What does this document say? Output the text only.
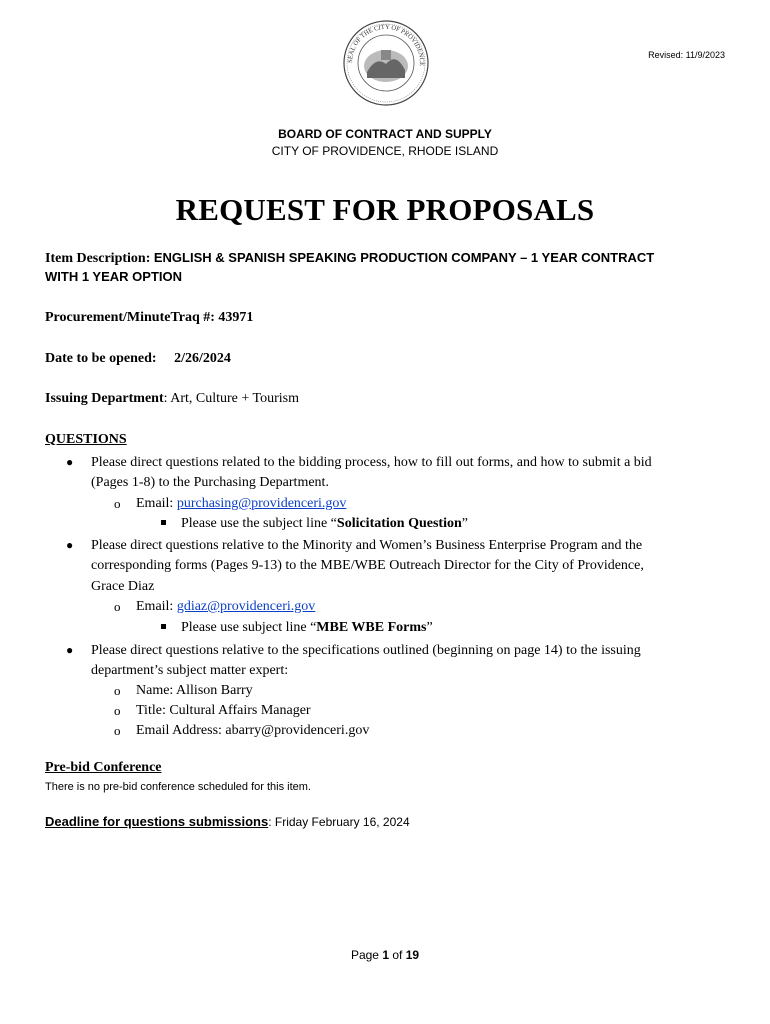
SEAL OF THE CITY OF PROVIDENCE
Revised: 11/9/2023
BOARD OF CONTRACT AND SUPPLY
CITY OF PROVIDENCE, RHODE ISLAND
REQUEST FOR PROPOSALS
Item Description: ENGLISH & SPANISH SPEAKING PRODUCTION COMPANY – 1 YEAR CONTRACT
WITH 1 YEAR OPTION
Procurement/MinuteTraq #: 43971
Date to be opened: 2/26/2024
Issuing Department: Art, Culture + Tourism
QUESTIONS
● Please direct questions related to the bidding process, how to fill out forms, and how to submit a bid
(Pages 1-8) to the Purchasing Department.
o Email: purchasing@providenceri.gov
Please use the subject line “Solicitation Question”
● Please direct questions relative to the Minority and Women’s Business Enterprise Program and the
corresponding forms (Pages 9-13) to the MBE/WBE Outreach Director for the City of Providence,
Grace Diaz
o Email: gdiaz@providenceri.gov
Please use subject line “MBE WBE Forms”
● Please direct questions relative to the specifications outlined (beginning on page 14) to the issuing
department’s subject matter expert:
o Name: Allison Barry
o Title: Cultural Affairs Manager
o Email Address: abarry@providenceri.gov
Pre-bid Conference
There is no pre-bid conference scheduled for this item.
Deadline for questions submissions: Friday February 16, 2024
Page 1 of 19
